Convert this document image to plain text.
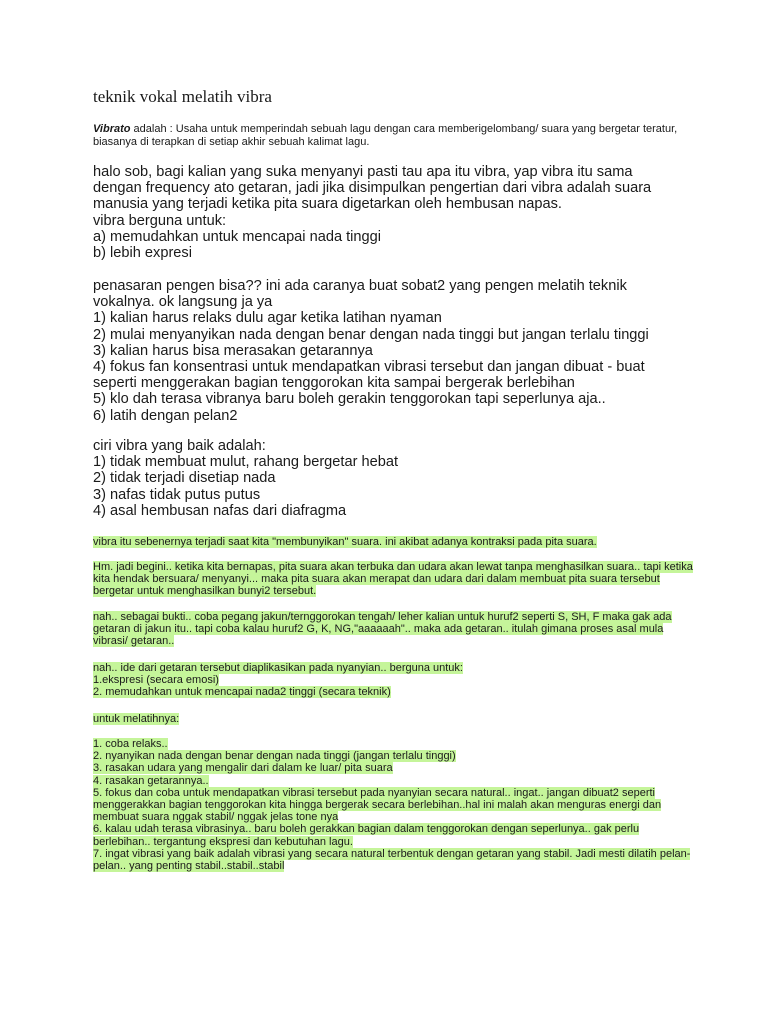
teknik vokal melatih vibra
Vibrato adalah : Usaha untuk memperindah sebuah lagu dengan cara memberigelombang/ suara yang bergetar teratur, biasanya di terapkan di setiap akhir sebuah kalimat lagu.

halo sob, bagi kalian yang suka menyanyi pasti tau apa itu vibra, yap vibra itu sama

dengan frequency ato getaran, jadi jika disimpulkan pengertian dari vibra adalah suara

manusia yang terjadi ketika pita suara digetarkan oleh hembusan napas.

vibra berguna untuk:

a) memudahkan untuk mencapai nada tinggi

b) lebih expresi

penasaran pengen bisa?? ini ada caranya buat sobat2 yang pengen melatih teknik

vokalnya. ok langsung ja ya

1) kalian harus relaks dulu agar ketika latihan nyaman

2) mulai menyanyikan nada dengan benar dengan nada tinggi but jangan terlalu tinggi

3) kalian harus bisa merasakan getarannya

4) fokus fan konsentrasi untuk mendapatkan vibrasi tersebut dan jangan dibuat - buat

seperti menggerakan bagian tenggorokan kita sampai bergerak berlebihan

5) klo dah terasa vibranya baru boleh gerakin tenggorokan tapi seperlunya aja..

6) latih dengan pelan2

ciri vibra yang baik adalah:

1) tidak membuat mulut, rahang bergetar hebat

2) tidak terjadi disetiap nada

3) nafas tidak putus putus

4) asal hembusan nafas dari diafragma

vibra itu sebenernya terjadi saat kita "membunyikan" suara. ini akibat adanya kontraksi pada pita suara.
Hm. jadi begini.. ketika kita bernapas, pita suara akan terbuka dan udara akan lewat tanpa menghasilkan suara.. tapi ketika kita hendak bersuara/ menyanyi... maka pita suara akan merapat dan udara dari dalam membuat pita suara tersebut bergetar untuk menghasilkan bunyi2 tersebut.
nah.. sebagai bukti.. coba pegang jakun/ternggorokan tengah/ leher kalian untuk huruf2 seperti S, SH, F maka gak ada getaran di jakun itu.. tapi coba kalau huruf2 G, K, NG,"aaaaaah".. maka ada getaran.. itulah gimana proses asal mula vibrasi/ getaran..

nah.. ide dari getaran tersebut diaplikasikan pada nyanyian.. berguna untuk:

1.ekspresi (secara emosi)

2. memudahkan untuk mencapai nada2 tinggi (secara teknik)

untuk melatihnya:

1. coba relaks..

2. nyanyikan nada dengan benar dengan nada tinggi (jangan terlalu tinggi)

3. rasakan udara yang mengalir dari dalam ke luar/ pita suara

4. rasakan getarannya..

5. fokus dan coba untuk mendapatkan vibrasi tersebut pada nyanyian secara natural.. ingat.. jangan dibuat2 seperti menggerakkan bagian tenggorokan kita hingga bergerak secara berlebihan..hal ini malah akan menguras energi dan membuat suara nggak stabil/ nggak jelas tone nya

6. kalau udah terasa vibrasinya.. baru boleh gerakkan bagian dalam tenggorokan dengan seperlunya.. gak perlu berlebihan.. tergantung ekspresi dan kebutuhan lagu.

7. ingat vibrasi yang baik adalah vibrasi yang secara natural terbentuk dengan getaran yang stabil. Jadi mesti dilatih pelan-pelan.. yang penting stabil..stabil..stabil
